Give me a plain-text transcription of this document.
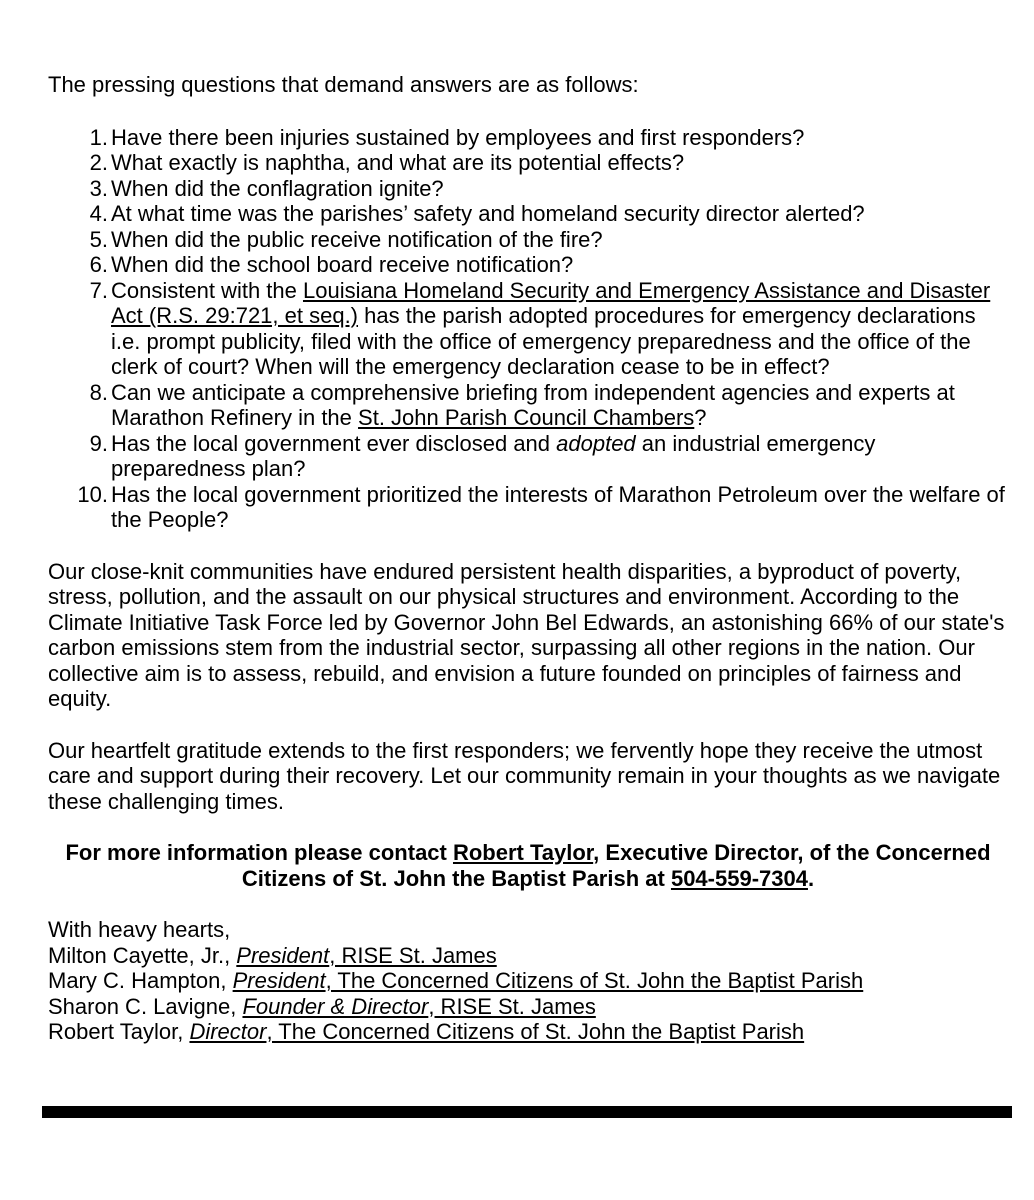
The pressing questions that demand answers are as follows:

1. Have there been injuries sustained by employees and first responders?
2. What exactly is naphtha, and what are its potential effects?
3. When did the conflagration ignite?
4. At what time was the parishes’ safety and homeland security director alerted?
5. When did the public receive notification of the fire?
6. When did the school board receive notification?
7. Consistent with the Louisiana Homeland Security and Emergency Assistance and Disaster Act (R.S. 29:721, et seq.) has the parish adopted procedures for emergency declarations i.e. prompt publicity, filed with the office of emergency preparedness and the office of the clerk of court? When will the emergency declaration cease to be in effect?
8. Can we anticipate a comprehensive briefing from independent agencies and experts at Marathon Refinery in the St. John Parish Council Chambers?
9. Has the local government ever disclosed and adopted an industrial emergency preparedness plan?
10. Has the local government prioritized the interests of Marathon Petroleum over the welfare of the People?

Our close-knit communities have endured persistent health disparities, a byproduct of poverty, stress, pollution, and the assault on our physical structures and environment. According to the Climate Initiative Task Force led by Governor John Bel Edwards, an astonishing 66% of our state's carbon emissions stem from the industrial sector, surpassing all other regions in the nation. Our collective aim is to assess, rebuild, and envision a future founded on principles of fairness and equity.

Our heartfelt gratitude extends to the first responders; we fervently hope they receive the utmost care and support during their recovery. Let our community remain in your thoughts as we navigate these challenging times.

For more information please contact Robert Taylor, Executive Director, of the Concerned Citizens of St. John the Baptist Parish at 504-559-7304.

With heavy hearts,
Milton Cayette, Jr., President, RISE St. James
Mary C. Hampton, President, The Concerned Citizens of St. John the Baptist Parish
Sharon C. Lavigne, Founder & Director, RISE St. James
Robert Taylor, Director, The Concerned Citizens of St. John the Baptist Parish
